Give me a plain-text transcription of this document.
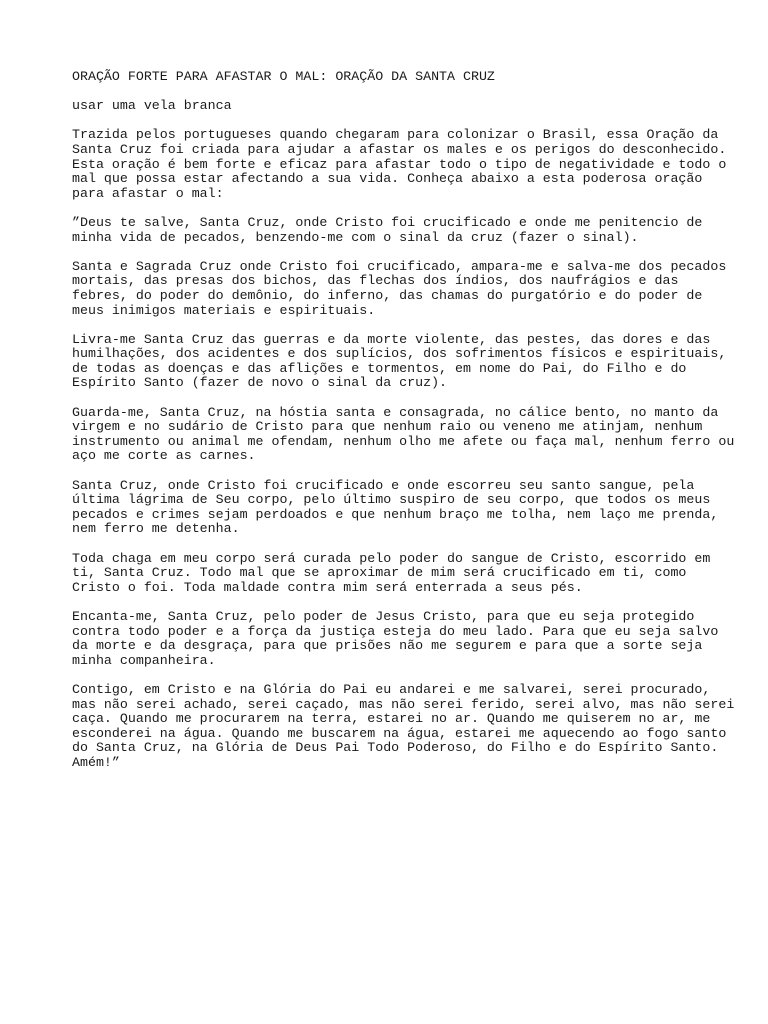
ORAÇÃO FORTE PARA AFASTAR O MAL: ORAÇÃO DA SANTA CRUZ

usar uma vela branca

Trazida pelos portugueses quando chegaram para colonizar o Brasil, essa Oração da
Santa Cruz foi criada para ajudar a afastar os males e os perigos do desconhecido.
Esta oração é bem forte e eficaz para afastar todo o tipo de negatividade e todo o
mal que possa estar afectando a sua vida. Conheça abaixo a esta poderosa oração
para afastar o mal:

”Deus te salve, Santa Cruz, onde Cristo foi crucificado e onde me penitencio de
minha vida de pecados, benzendo-me com o sinal da cruz (fazer o sinal).

Santa e Sagrada Cruz onde Cristo foi crucificado, ampara-me e salva-me dos pecados
mortais, das presas dos bichos, das flechas dos índios, dos naufrágios e das
febres, do poder do demônio, do inferno, das chamas do purgatório e do poder de
meus inimigos materiais e espirituais.

Livra-me Santa Cruz das guerras e da morte violente, das pestes, das dores e das
humilhações, dos acidentes e dos suplícios, dos sofrimentos físicos e espirituais,
de todas as doenças e das aflições e tormentos, em nome do Pai, do Filho e do
Espírito Santo (fazer de novo o sinal da cruz).

Guarda-me, Santa Cruz, na hóstia santa e consagrada, no cálice bento, no manto da
virgem e no sudário de Cristo para que nenhum raio ou veneno me atinjam, nenhum
instrumento ou animal me ofendam, nenhum olho me afete ou faça mal, nenhum ferro ou
aço me corte as carnes.

Santa Cruz, onde Cristo foi crucificado e onde escorreu seu santo sangue, pela
última lágrima de Seu corpo, pelo último suspiro de seu corpo, que todos os meus
pecados e crimes sejam perdoados e que nenhum braço me tolha, nem laço me prenda,
nem ferro me detenha.

Toda chaga em meu corpo será curada pelo poder do sangue de Cristo, escorrido em
ti, Santa Cruz. Todo mal que se aproximar de mim será crucificado em ti, como
Cristo o foi. Toda maldade contra mim será enterrada a seus pés.

Encanta-me, Santa Cruz, pelo poder de Jesus Cristo, para que eu seja protegido
contra todo poder e a força da justiça esteja do meu lado. Para que eu seja salvo
da morte e da desgraça, para que prisões não me segurem e para que a sorte seja
minha companheira.

Contigo, em Cristo e na Glória do Pai eu andarei e me salvarei, serei procurado,
mas não serei achado, serei caçado, mas não serei ferido, serei alvo, mas não serei
caça. Quando me procurarem na terra, estarei no ar. Quando me quiserem no ar, me
esconderei na água. Quando me buscarem na água, estarei me aquecendo ao fogo santo
do Santa Cruz, na Glória de Deus Pai Todo Poderoso, do Filho e do Espírito Santo.
Amém!”
